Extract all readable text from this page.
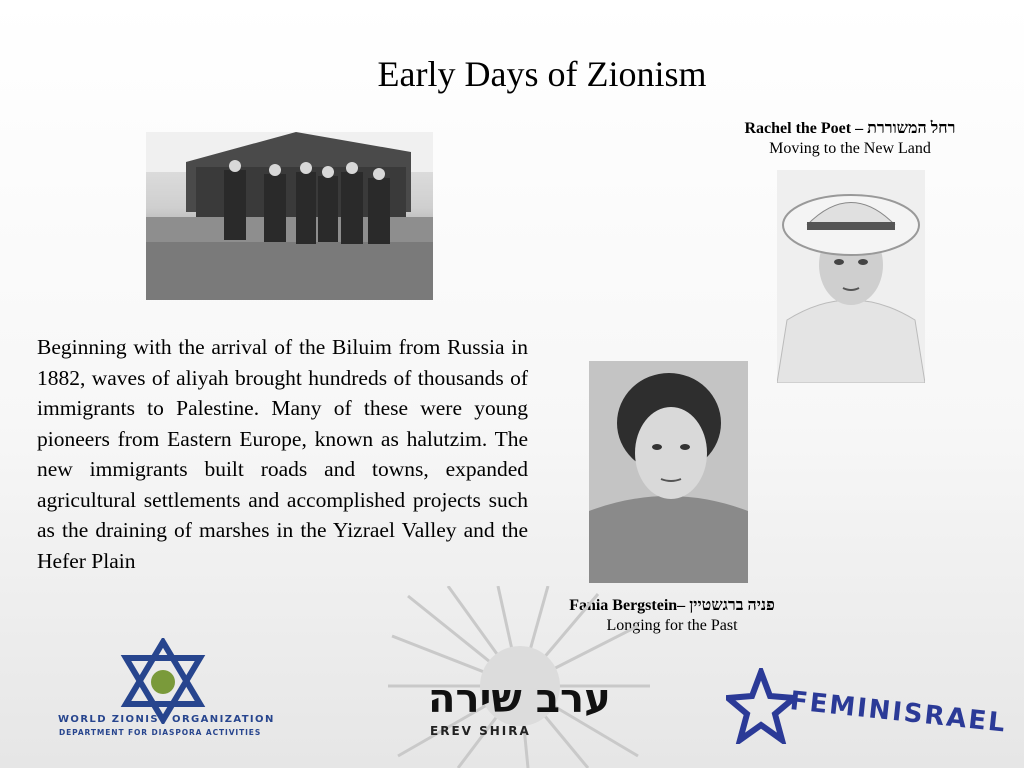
Early Days of Zionism
Rachel the Poet – רחל המשוררת
Moving to the New Land
Fania Bergstein– פניה ברגשטיין
Longing for the Past
Beginning with the arrival of the Biluim from Russia in 1882, waves of aliyah brought hundreds of thousands of immigrants to Palestine. Many of these were young pioneers from Eastern Europe, known as halutzim. The new immigrants built roads and towns, expanded agricultural settlements and accomplished projects such as the draining of marshes in the Yizrael Valley and the Hefer Plain
WORLD ZIONIST ORGANIZATION
DEPARTMENT FOR DIASPORA ACTIVITIES
ערב שירה
EREV SHIRA	FEMINISRAEL
